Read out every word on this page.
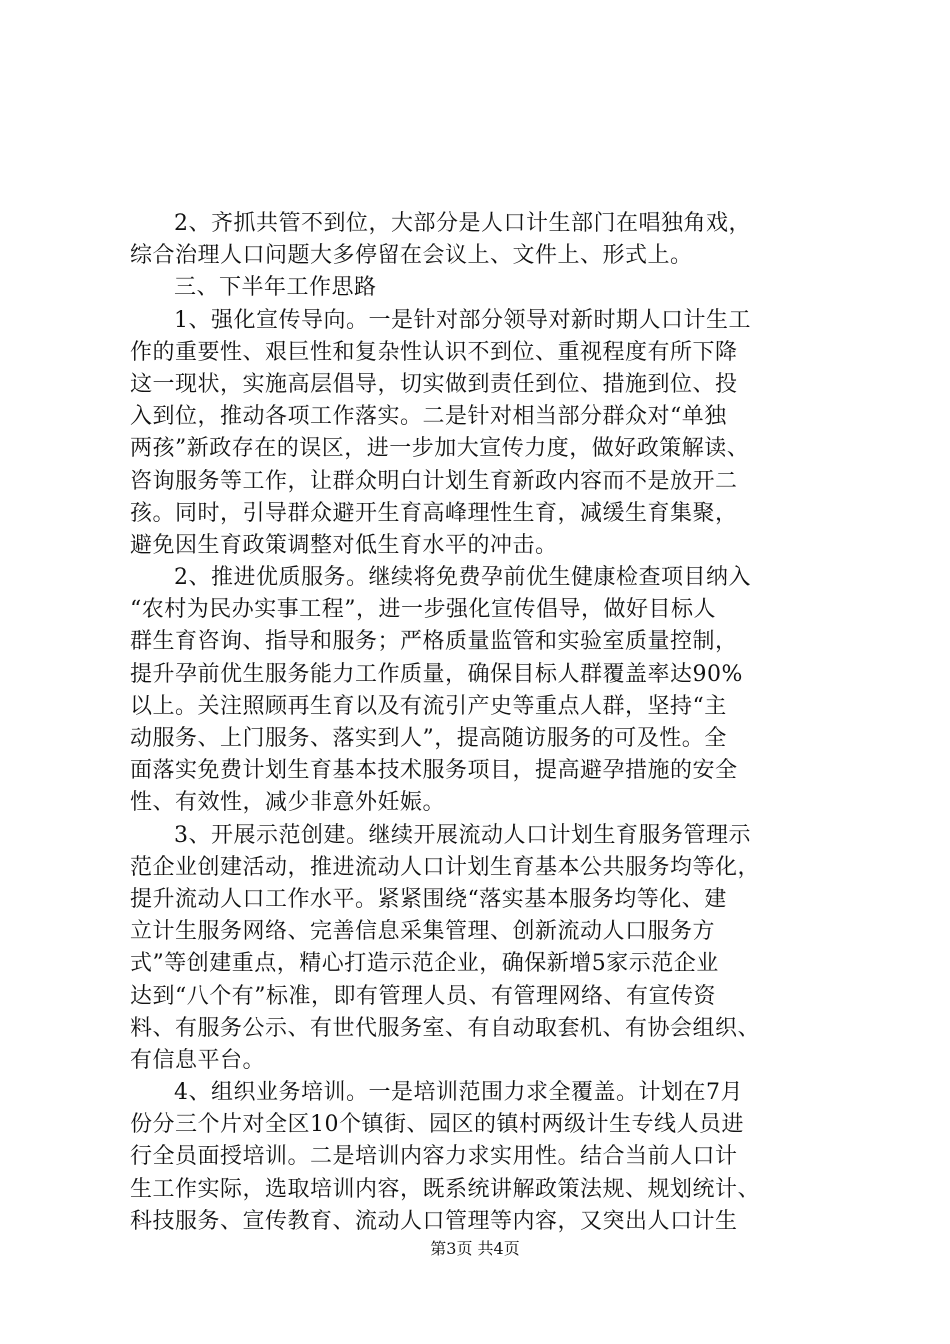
2、齐抓共管不到位，大部分是人口计生部门在唱独角戏，
综合治理人口问题大多停留在会议上、文件上、形式上。
三、下半年工作思路
1、强化宣传导向。一是针对部分领导对新时期人口计生工
作的重要性、艰巨性和复杂性认识不到位、重视程度有所下降
这一现状，实施高层倡导，切实做到责任到位、措施到位、投
入到位，推动各项工作落实。二是针对相当部分群众对“单独
两孩”新政存在的误区，进一步加大宣传力度，做好政策解读、
咨询服务等工作，让群众明白计划生育新政内容而不是放开二
孩。同时，引导群众避开生育高峰理性生育，减缓生育集聚，
避免因生育政策调整对低生育水平的冲击。
2、推进优质服务。继续将免费孕前优生健康检查项目纳入
“农村为民办实事工程”，进一步强化宣传倡导，做好目标人
群生育咨询、指导和服务；严格质量监管和实验室质量控制，
提升孕前优生服务能力工作质量，确保目标人群覆盖率达90%
以上。关注照顾再生育以及有流引产史等重点人群，坚持“主
动服务、上门服务、落实到人”，提高随访服务的可及性。全
面落实免费计划生育基本技术服务项目，提高避孕措施的安全
性、有效性，减少非意外妊娠。
3、开展示范创建。继续开展流动人口计划生育服务管理示
范企业创建活动，推进流动人口计划生育基本公共服务均等化，
提升流动人口工作水平。紧紧围绕“落实基本服务均等化、建
立计生服务网络、完善信息采集管理、创新流动人口服务方
式”等创建重点，精心打造示范企业，确保新增5家示范企业
达到“八个有”标准，即有管理人员、有管理网络、有宣传资
料、有服务公示、有世代服务室、有自动取套机、有协会组织、
有信息平台。
4、组织业务培训。一是培训范围力求全覆盖。计划在7月
份分三个片对全区10个镇街、园区的镇村两级计生专线人员进
行全员面授培训。二是培训内容力求实用性。结合当前人口计
生工作实际，选取培训内容，既系统讲解政策法规、规划统计、
科技服务、宣传教育、流动人口管理等内容，又突出人口计生
第3页 共4页
